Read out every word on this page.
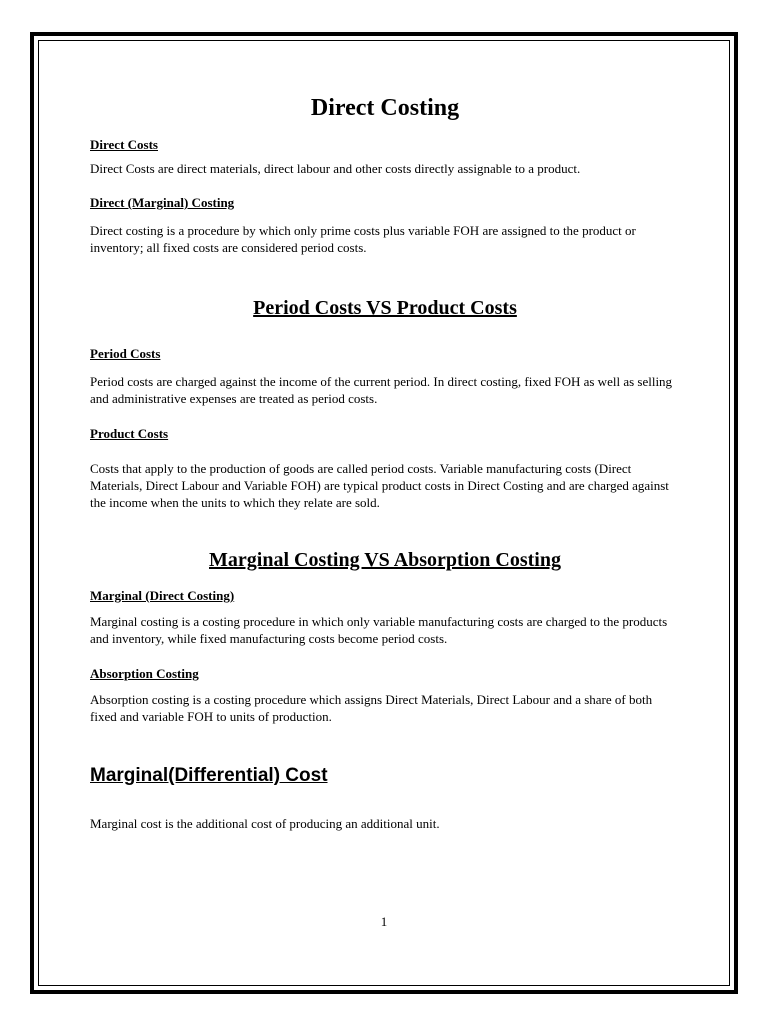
Direct Costing
Direct Costs
Direct Costs are direct materials, direct labour and other costs directly assignable to a product.
Direct (Marginal) Costing
Direct costing is a procedure by which only prime costs plus variable FOH are assigned to the product or inventory; all fixed costs are considered period costs.
Period Costs VS Product Costs
Period Costs
Period costs are charged against the income of the current period. In direct costing, fixed FOH as well as selling and administrative expenses are treated as period costs.
Product Costs
Costs that apply to the production of goods are called period costs. Variable manufacturing costs (Direct Materials, Direct Labour and Variable FOH) are typical product costs in Direct Costing and are charged against the income when the units to which they relate are sold.
Marginal Costing VS Absorption Costing
Marginal (Direct Costing)
Marginal costing is a costing procedure in which only variable manufacturing costs are charged to the products and inventory, while fixed manufacturing costs become period costs.
Absorption Costing
Absorption costing is a costing procedure which assigns Direct Materials, Direct Labour and a share of both fixed and variable FOH to units of production.
Marginal(Differential) Cost
Marginal cost is the additional cost of producing an additional unit.
1
